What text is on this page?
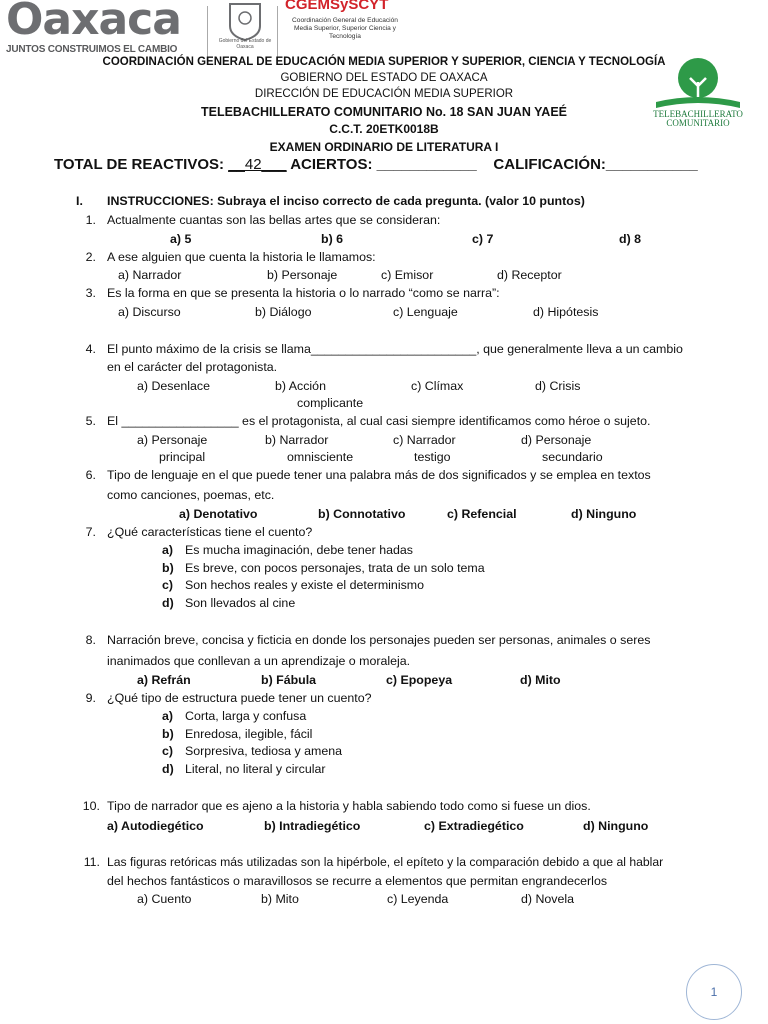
Oaxaca
JUNTOS CONSTRUIMOS EL CAMBIO
Gobierno del Estado de Oaxaca
CGEMSySCYT
Coordinación General de Educación Media Superior, Superior Ciencia y Tecnología
TELEBACHILLERATO
COMUNITARIO
COORDINACIÓN GENERAL DE EDUCACIÓN MEDIA SUPERIOR Y SUPERIOR, CIENCIA Y TECNOLOGÍA
GOBIERNO DEL ESTADO DE OAXACA
DIRECCIÓN DE EDUCACIÓN MEDIA SUPERIOR
TELEBACHILLERATO COMUNITARIO No. 18 SAN JUAN YAEÉ
C.C.T. 20ETK0018B
EXAMEN ORDINARIO DE LITERATURA I
TOTAL DE REACTIVOS: __42___ ACIERTOS: ____________ CALIFICACIÓN:___________
I. INSTRUCCIONES: Subraya el inciso correcto de cada pregunta. (valor 10 puntos)
1. Actualmente cuantas son las bellas artes que se consideran:
a) 5	b) 6	c) 7	d) 8
2. A ese alguien que cuenta la historia le llamamos:
a) Narrador	b) Personaje	c) Emisor	d) Receptor
3. Es la forma en que se presenta la historia o lo narrado “como se narra”:
a) Discurso	b) Diálogo	c) Lenguaje	d) Hipótesis
4. El punto máximo de la crisis se llama________________________, que generalmente lleva a un cambio
en el carácter del protagonista.
a) Desenlace	b) Acción
complicante
c) Clímax	d) Crisis
5. El _________________ es el protagonista, al cual casi siempre identificamos como héroe o sujeto.
a) Personaje
principal
b) Narrador
omnisciente
c) Narrador
testigo
d) Personaje
secundario
6. Tipo de lenguaje en el que puede tener una palabra más de dos significados y se emplea en textos
como canciones, poemas, etc.
a) Denotativo	b) Connotativo	c) Refencial	d) Ninguno
7. ¿Qué características tiene el cuento?
a) Es mucha imaginación, debe tener hadas
b) Es breve, con pocos personajes, trata de un solo tema
c) Son hechos reales y existe el determinismo
d) Son llevados al cine
8. Narración breve, concisa y ficticia en donde los personajes pueden ser personas, animales o seres
inanimados que conllevan a un aprendizaje o moraleja.
a) Refrán	b) Fábula	c) Epopeya	d) Mito
9. ¿Qué tipo de estructura puede tener un cuento?
a) Corta, larga y confusa
b) Enredosa, ilegible, fácil
c) Sorpresiva, tediosa y amena
d) Literal, no literal y circular
10. Tipo de narrador que es ajeno a la historia y habla sabiendo todo como si fuese un dios.
a) Autodiegético	b) Intradiegético	c) Extradiegético	d) Ninguno
11. Las figuras retóricas más utilizadas son la hipérbole, el epíteto y la comparación debido a que al hablar
del hechos fantásticos o maravillosos se recurre a elementos que permitan engrandecerlos
a) Cuento	b) Mito	c) Leyenda	d) Novela
1
